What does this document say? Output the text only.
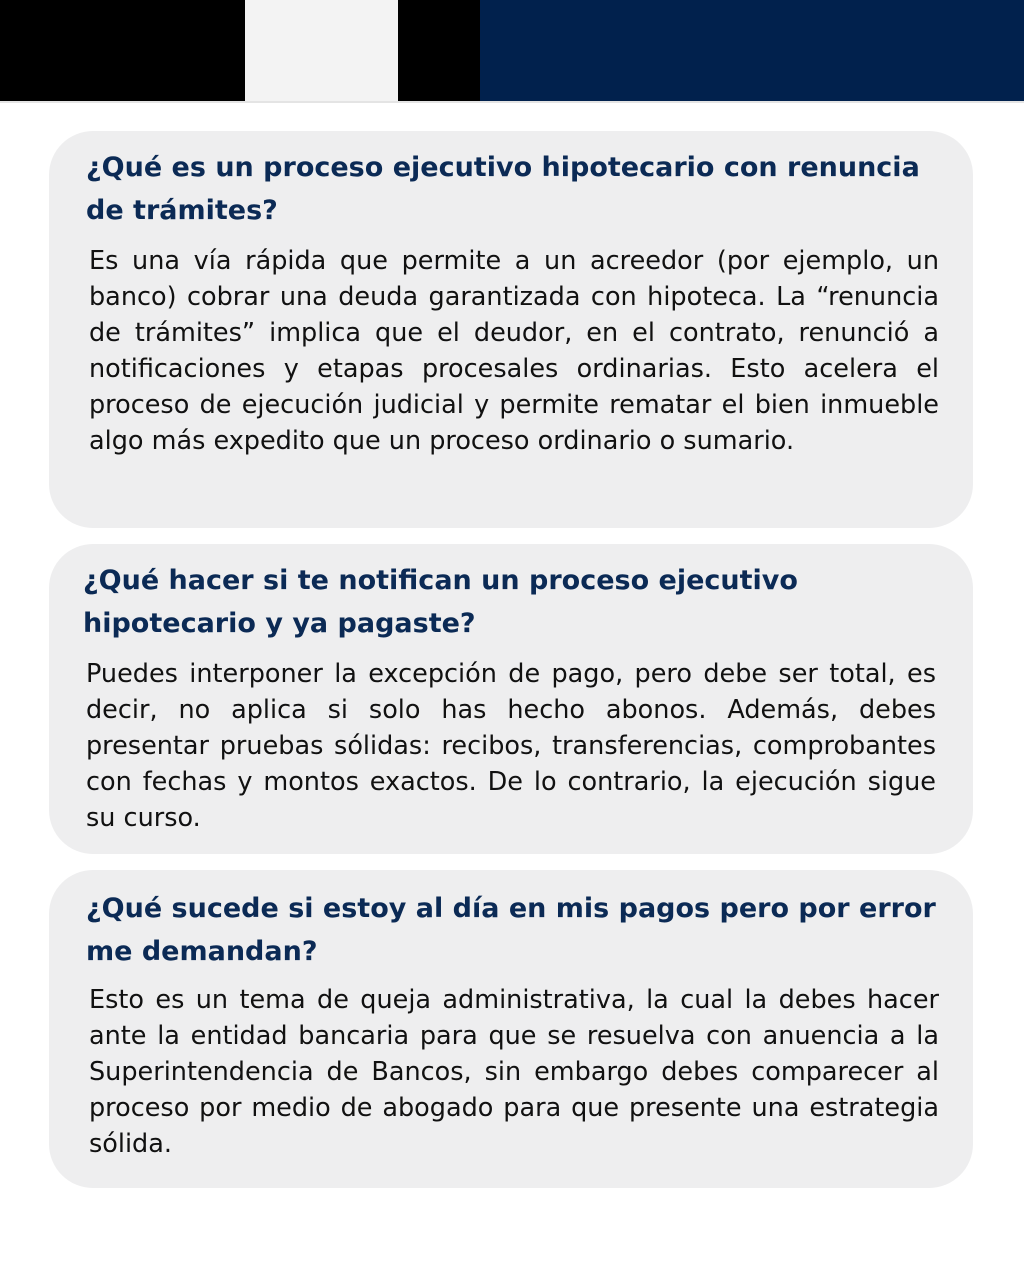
¿Qué es un proceso ejecutivo hipotecario con renuncia de trámites?

Es una vía rápida que permite a un acreedor (por ejemplo, un banco) cobrar una deuda garantizada con hipoteca. La “renuncia de trámites” implica que el deudor, en el contrato, renunció a notificaciones y etapas procesales ordinarias. Esto acelera el proceso de ejecución judicial y permite rematar el bien inmueble algo más expedito que un proceso ordinario o sumario.

¿Qué hacer si te notifican un proceso ejecutivo hipotecario y ya pagaste?

Puedes interponer la excepción de pago, pero debe ser total, es decir, no aplica si solo has hecho abonos. Además, debes presentar pruebas sólidas: recibos, transferencias, comprobantes con fechas y montos exactos. De lo contrario, la ejecución sigue su curso.

¿Qué sucede si estoy al día en mis pagos pero por error me demandan?

Esto es un tema de queja administrativa, la cual la debes hacer ante la entidad bancaria para que se resuelva con anuencia a la Superintendencia de Bancos, sin embargo debes comparecer al proceso por medio de abogado para que presente una estrategia sólida.
